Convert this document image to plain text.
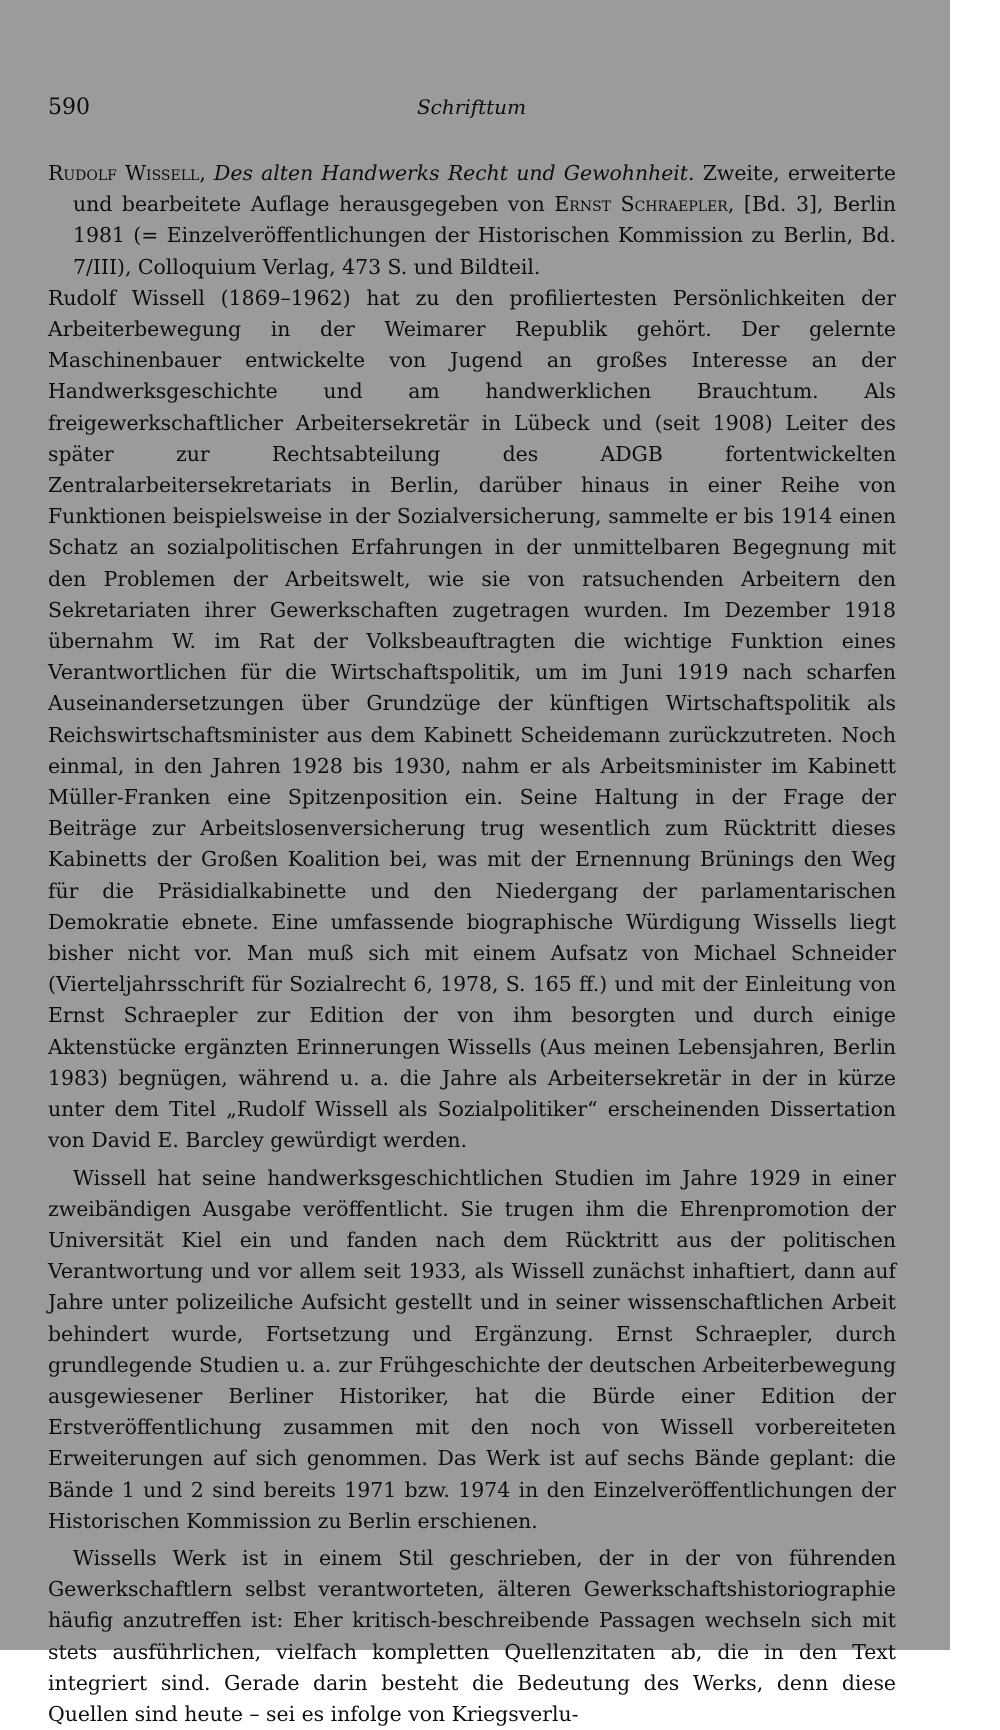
590	Schrifttum

Rudolf Wissell, Des alten Handwerks Recht und Gewohnheit. Zweite, erweiterte und bearbeitete Auflage herausgegeben von Ernst Schraepler, [Bd. 3], Berlin 1981 (= Einzelveröffentlichungen der Historischen Kommission zu Berlin, Bd. 7/III), Colloquium Verlag, 473 S. und Bildteil.

Rudolf Wissell (1869–1962) hat zu den profiliertesten Persönlichkeiten der Arbeiterbewegung in der Weimarer Republik gehört. Der gelernte Maschinenbauer entwickelte von Jugend an großes Interesse an der Handwerksgeschichte und am handwerklichen Brauchtum. Als freigewerkschaftlicher Arbeitersekretär in Lübeck und (seit 1908) Leiter des später zur Rechtsabteilung des ADGB fortentwickelten Zentralarbeitersekretariats in Berlin, darüber hinaus in einer Reihe von Funktionen beispielsweise in der Sozialversicherung, sammelte er bis 1914 einen Schatz an sozialpolitischen Erfahrungen in der unmittelbaren Begegnung mit den Problemen der Arbeitswelt, wie sie von ratsuchenden Arbeitern den Sekretariaten ihrer Gewerkschaften zugetragen wurden. Im Dezember 1918 übernahm W. im Rat der Volksbeauftragten die wichtige Funktion eines Verantwortlichen für die Wirtschaftspolitik, um im Juni 1919 nach scharfen Auseinandersetzungen über Grundzüge der künftigen Wirtschaftspolitik als Reichswirtschaftsminister aus dem Kabinett Scheidemann zurückzutreten. Noch einmal, in den Jahren 1928 bis 1930, nahm er als Arbeitsminister im Kabinett Müller-Franken eine Spitzenposition ein. Seine Haltung in der Frage der Beiträge zur Arbeitslosenversicherung trug wesentlich zum Rücktritt dieses Kabinetts der Großen Koalition bei, was mit der Ernennung Brünings den Weg für die Präsidialkabinette und den Niedergang der parlamentarischen Demokratie ebnete. Eine umfassende biographische Würdigung Wissells liegt bisher nicht vor. Man muß sich mit einem Aufsatz von Michael Schneider (Vierteljahrsschrift für Sozialrecht 6, 1978, S. 165 ff.) und mit der Einleitung von Ernst Schraepler zur Edition der von ihm besorgten und durch einige Aktenstücke ergänzten Erinnerungen Wissells (Aus meinen Lebensjahren, Berlin 1983) begnügen, während u. a. die Jahre als Arbeitersekretär in der in kürze unter dem Titel „Rudolf Wissell als Sozialpolitiker“ erscheinenden Dissertation von David E. Barcley gewürdigt werden.

Wissell hat seine handwerksgeschichtlichen Studien im Jahre 1929 in einer zweibändigen Ausgabe veröffentlicht. Sie trugen ihm die Ehrenpromotion der Universität Kiel ein und fanden nach dem Rücktritt aus der politischen Verantwortung und vor allem seit 1933, als Wissell zunächst inhaftiert, dann auf Jahre unter polizeiliche Aufsicht gestellt und in seiner wissenschaftlichen Arbeit behindert wurde, Fortsetzung und Ergänzung. Ernst Schraepler, durch grundlegende Studien u. a. zur Frühgeschichte der deutschen Arbeiterbewegung ausgewiesener Berliner Historiker, hat die Bürde einer Edition der Erstveröffentlichung zusammen mit den noch von Wissell vorbereiteten Erweiterungen auf sich genommen. Das Werk ist auf sechs Bände geplant: die Bände 1 und 2 sind bereits 1971 bzw. 1974 in den Einzelveröffentlichungen der Historischen Kommission zu Berlin erschienen.

Wissells Werk ist in einem Stil geschrieben, der in der von führenden Gewerkschaftlern selbst verantworteten, älteren Gewerkschaftshistoriographie häufig anzutreffen ist: Eher kritisch-beschreibende Passagen wechseln sich mit stets ausführlichen, vielfach kompletten Quellenzitaten ab, die in den Text integriert sind. Gerade darin besteht die Bedeutung des Werks, denn diese Quellen sind heute – sei es infolge von Kriegsverlu-
